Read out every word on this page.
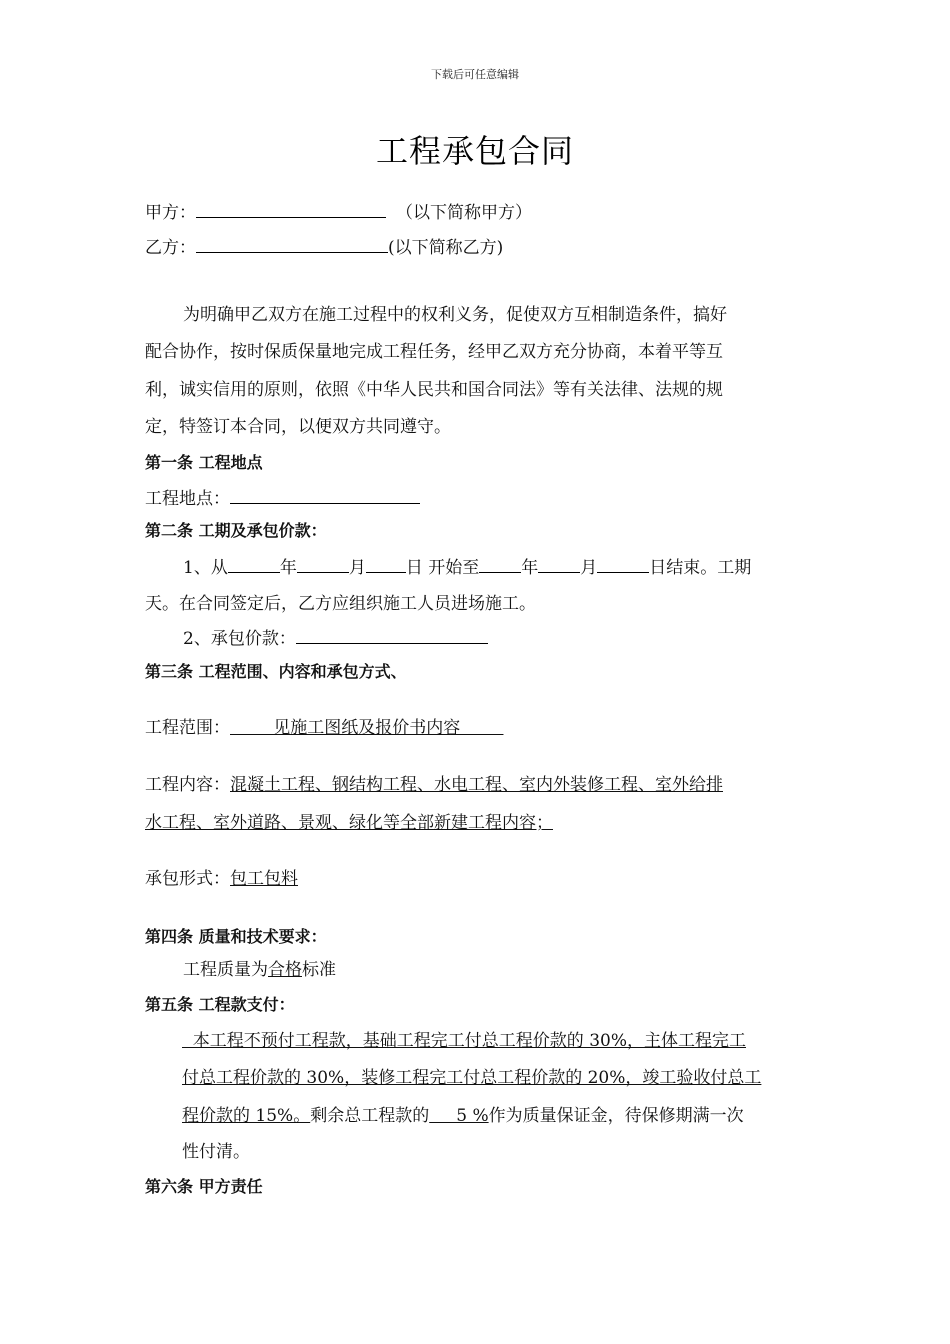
下载后可任意编辑
工程承包合同
甲方：	（以下简称甲方）
乙方：	(以下简称乙方)
为明确甲乙双方在施工过程中的权利义务，促使双方互相制造条件，搞好
配合协作，按时保质保量地完成工程任务，经甲乙双方充分协商，本着平等互
利，诚实信用的原则，依照《中华人民共和国合同法》等有关法律、法规的规
定，特签订本合同，以便双方共同遵守。
第一条 工程地点
工程地点：
第二条 工期及承包价款：
1、从	年	月 日 开始至 年 月	日结束。工期
天。在合同签定后，乙方应组织施工人员进场施工。
2、承包价款：
第三条 工程范围、内容和承包方式、
工程范围：        见施工图纸及报价书内容
工程内容：混凝土工程、钢结构工程、水电工程、室内外装修工程、室外给排
水工程、室外道路、景观、绿化等全部新建工程内容；
承包形式：包工包料
第四条 质量和技术要求：
工程质量为合格标准
第五条 工程款支付：
本工程不预付工程款，基础工程完工付总工程价款的 30%，主体工程完工
付总工程价款的 30%，装修工程完工付总工程价款的 20%，竣工验收付总工
程价款的 15%。剩余总工程款的     5 %作为质量保证金，待保修期满一次
性付清。
第六条 甲方责任
